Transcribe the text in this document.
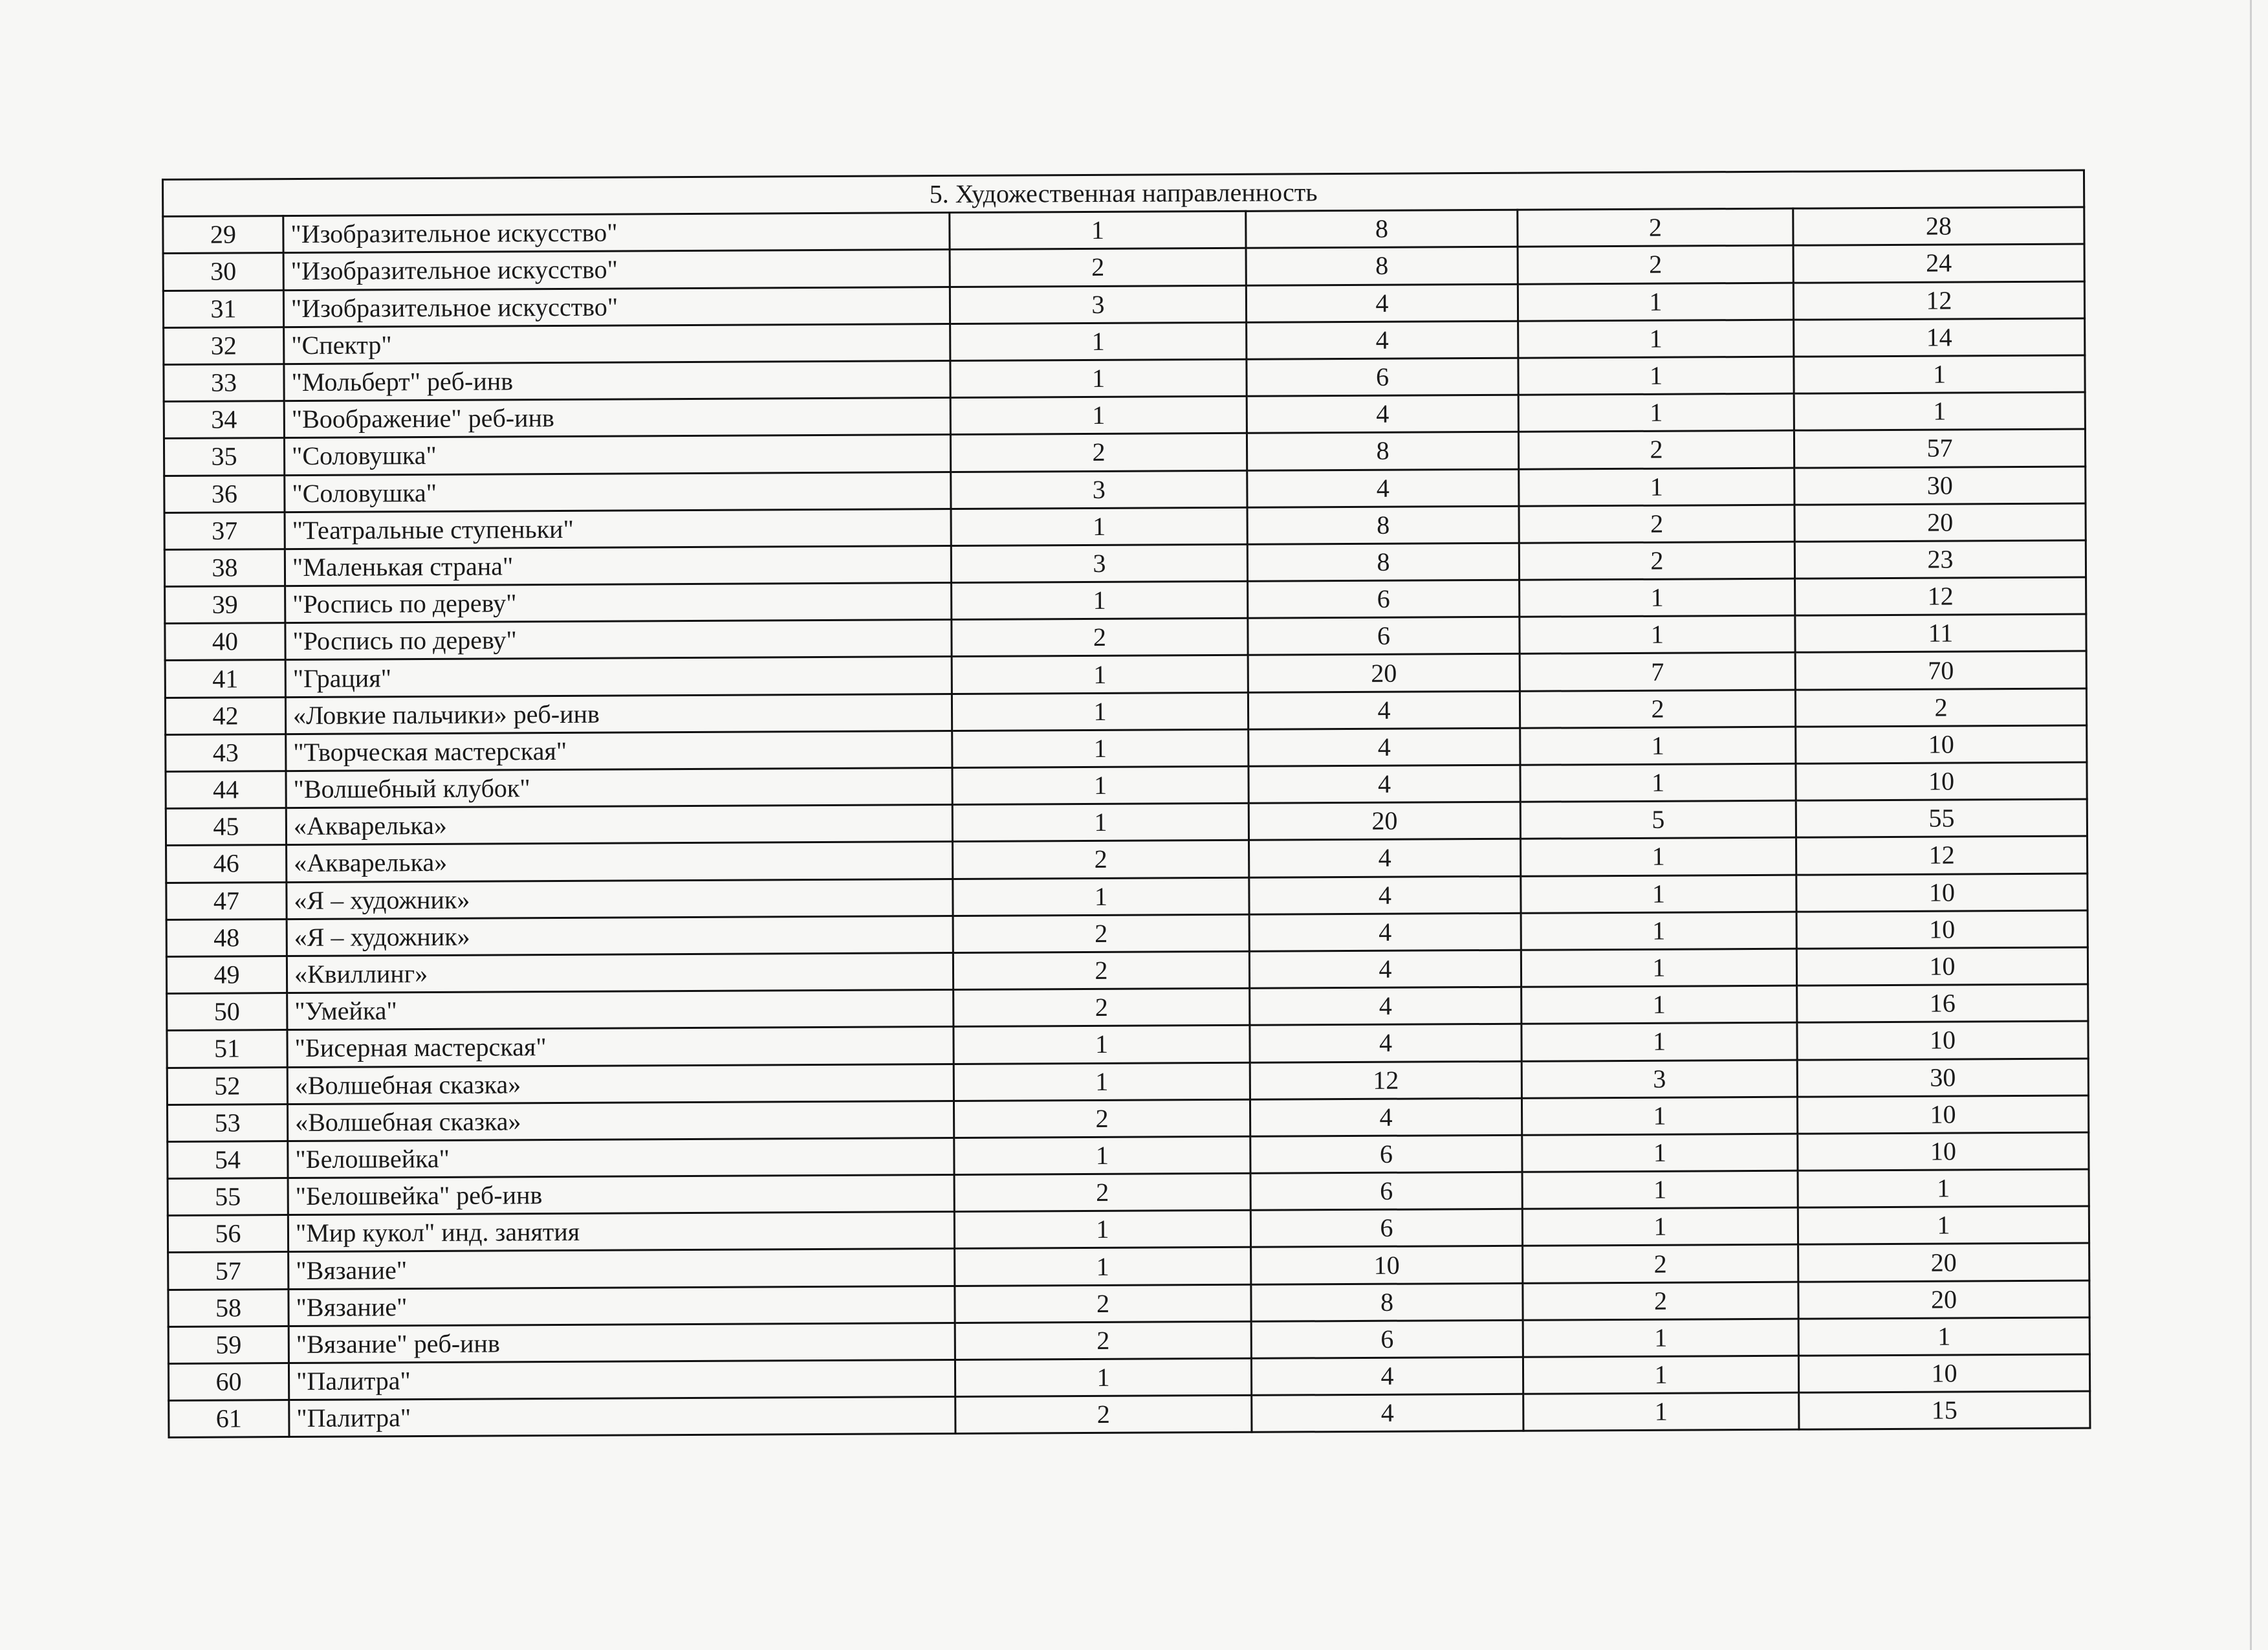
5. Художественная направленность					
29	"Изобразительное искусство"	1	8	2	28
30	"Изобразительное искусство"	2	8	2	24
31	"Изобразительное искусство"	3	4	1	12
32	"Спектр"	1	4	1	14
33	"Мольберт" реб-инв	1	6	1	1
34	"Воображение" реб-инв	1	4	1	1
35	"Соловушка"	2	8	2	57
36	"Соловушка"	3	4	1	30
37	"Театральные ступеньки"	1	8	2	20
38	"Маленькая страна"	3	8	2	23
39	"Роспись по дереву"	1	6	1	12
40	"Роспись по дереву"	2	6	1	11
41	"Грация"	1	20	7	70
42	«Ловкие пальчики» реб-инв	1	4	2	2
43	"Творческая мастерская"	1	4	1	10
44	"Волшебный клубок"	1	4	1	10
45	«Акварелька»	1	20	5	55
46	«Акварелька»	2	4	1	12
47	«Я – художник»	1	4	1	10
48	«Я – художник»	2	4	1	10
49	«Квиллинг»	2	4	1	10
50	"Умейка"	2	4	1	16
51	"Бисерная мастерская"	1	4	1	10
52	«Волшебная сказка»	1	12	3	30
53	«Волшебная сказка»	2	4	1	10
54	"Белошвейка"	1	6	1	10
55	"Белошвейка" реб-инв	2	6	1	1
56	"Мир кукол" инд. занятия	1	6	1	1
57	"Вязание"	1	10	2	20
58	"Вязание"	2	8	2	20
59	"Вязание" реб-инв	2	6	1	1
60	"Палитра"	1	4	1	10
61	"Палитра"	2	4	1	15
